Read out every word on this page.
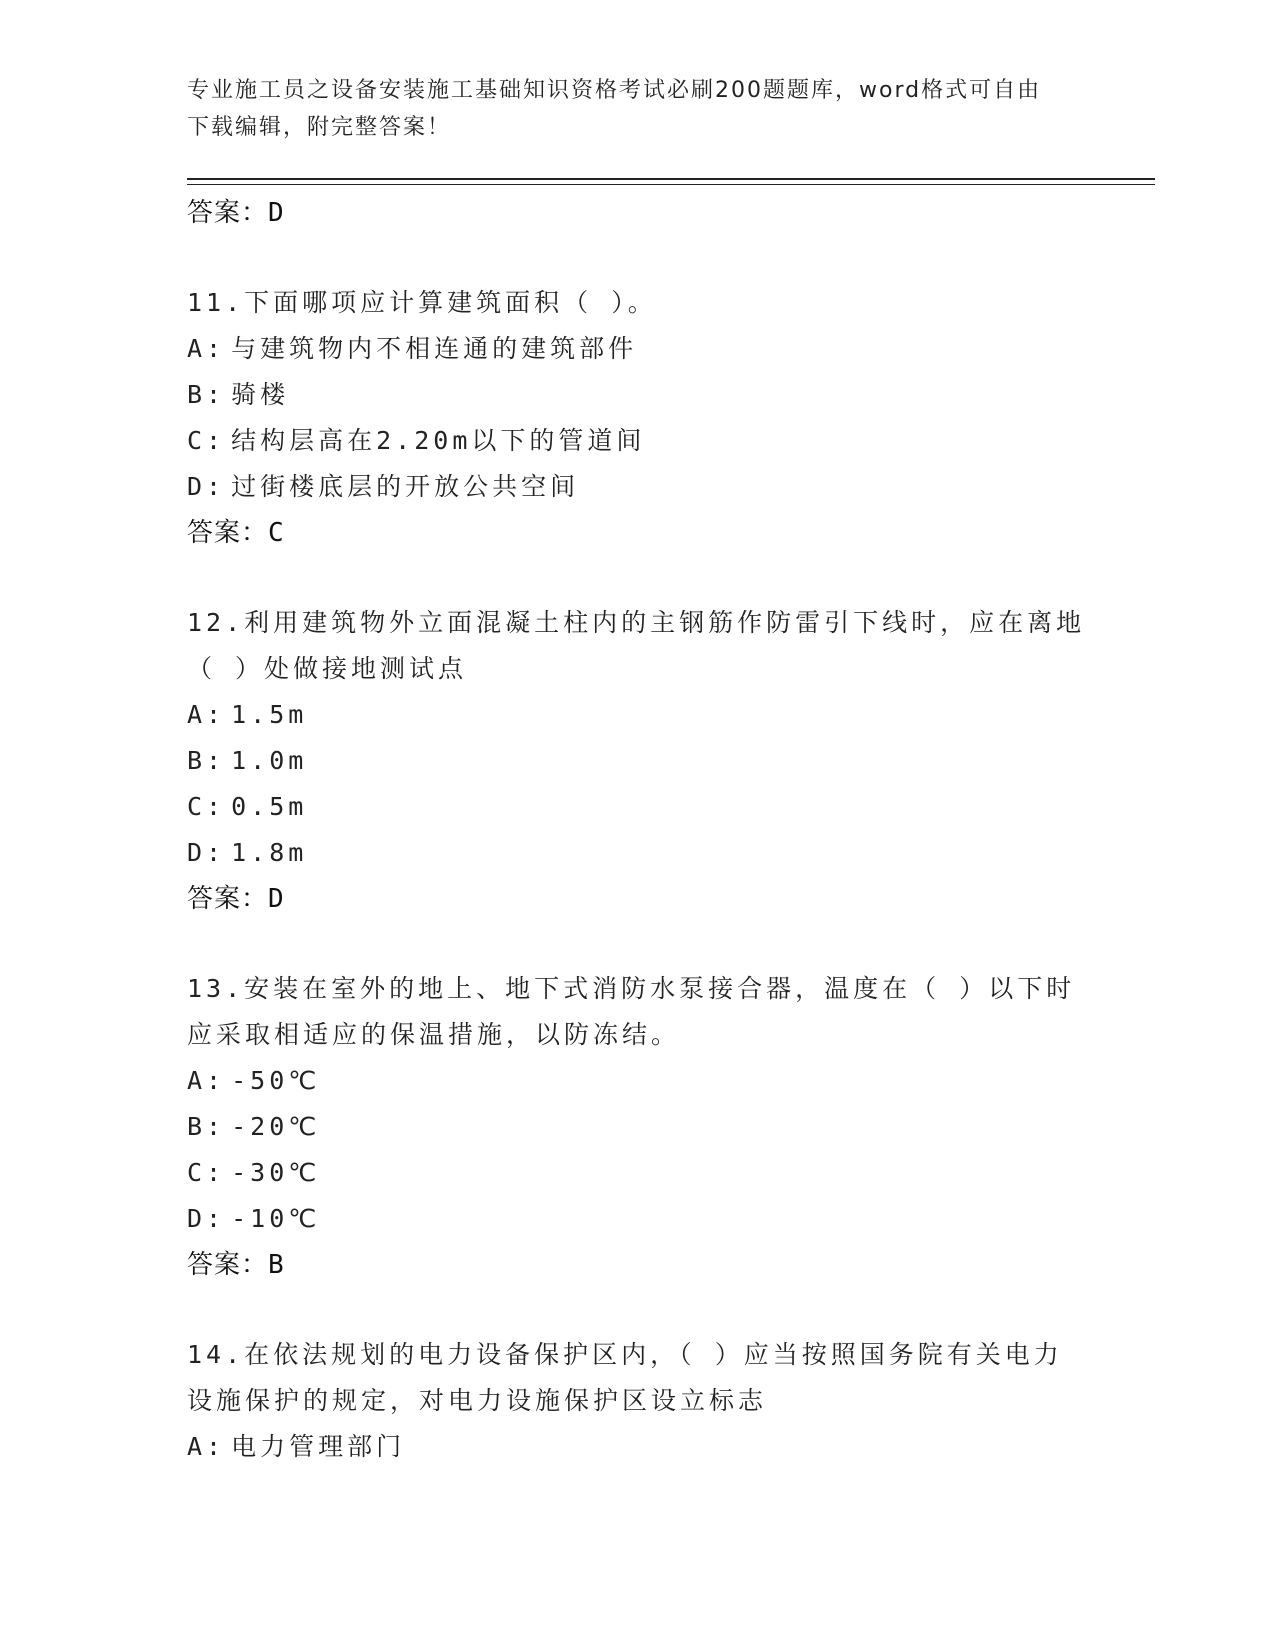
专业施工员之设备安装施工基础知识资格考试必刷200题题库，word格式可自由
下载编辑，附完整答案！
答案：D
11.下面哪项应计算建筑面积（ ）。
A: 与建筑物内不相连通的建筑部件
B: 骑楼
C: 结构层高在2.20m以下的管道间
D: 过街楼底层的开放公共空间
答案：C
12.利用建筑物外立面混凝土柱内的主钢筋作防雷引下线时，应在离地
（ ）处做接地测试点
A: 1.5m
B: 1.0m
C: 0.5m
D: 1.8m
答案：D
13.安装在室外的地上、地下式消防水泵接合器，温度在（ ）以下时
应采取相适应的保温措施，以防冻结。
A: -50℃
B: -20℃
C: -30℃
D: -10℃
答案：B
14.在依法规划的电力设备保护区内，（ ）应当按照国务院有关电力
设施保护的规定，对电力设施保护区设立标志
A: 电力管理部门
